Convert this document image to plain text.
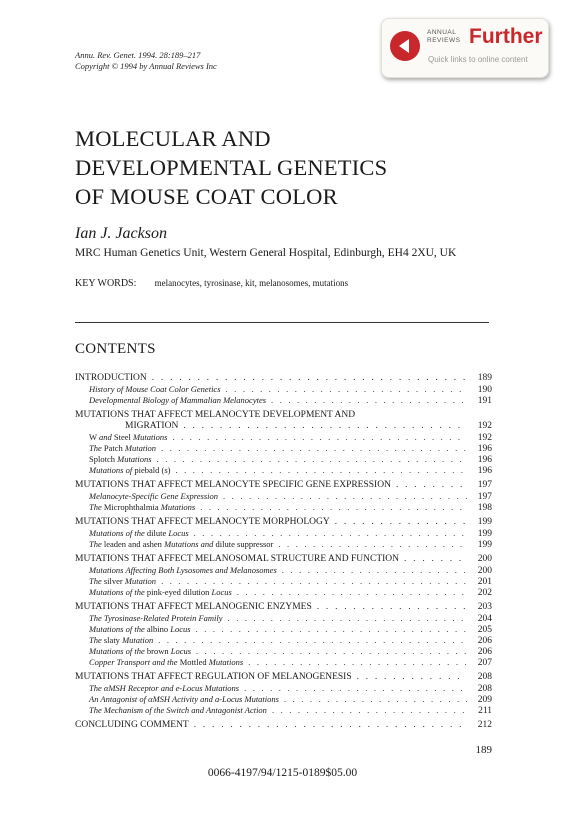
Annu. Rev. Genet. 1994. 28:189–217
Copyright © 1994 by Annual Reviews Inc
ANNUAL
REVIEWS Further
Quick links to online content
MOLECULAR AND
DEVELOPMENTAL GENETICS
OF MOUSE COAT COLOR
Ian J. Jackson
MRC Human Genetics Unit, Western General Hospital, Edinburgh, EH4 2XU, UK
KEY WORDS: melanocytes, tyrosinase, kit, melanosomes, mutations
CONTENTS
INTRODUCTION . . .	189
History of Mouse Coat Color Genetics . . .	190
Developmental Biology of Mammalian Melanocytes . . .	191
MUTATIONS THAT AFFECT MELANOCYTE DEVELOPMENT AND
MIGRATION . . .	192
W and Steel Mutations . . .	192
The Patch Mutation . . .	196
Splotch Mutations . . .	196
Mutations of piebald (s) . . .	196
MUTATIONS THAT AFFECT MELANOCYTE SPECIFIC GENE EXPRESSION . . .	197
Melanocyte-Specific Gene Expression . . .	197
The Microphthalmia Mutations . . .	198
MUTATIONS THAT AFFECT MELANOCYTE MORPHOLOGY . . .	199
Mutations of the dilute Locus . . .	199
The leaden and ashen Mutations and dilute suppressor . . .	199
MUTATIONS THAT AFFECT MELANOSOMAL STRUCTURE AND FUNCTION . . .	200
Mutations Affecting Both Lysosomes and Melanosomes . . .	200
The silver Mutation . . .	201
Mutations of the pink-eyed dilution Locus . . .	202
MUTATIONS THAT AFFECT MELANOGENIC ENZYMES . . .	203
The Tyrosinase-Related Protein Family . . .	204
Mutations of the albino Locus . . .	205
The slaty Mutation . . .	206
Mutations of the brown Locus . . .	206
Copper Transport and the Mottled Mutations . . .	207
MUTATIONS THAT AFFECT REGULATION OF MELANOGENESIS . . .	208
The αMSH Receptor and e-Locus Mutations . . .	208
An Antagonist of αMSH Activity and a-Locus Mutations . . .	209
The Mechanism of the Switch and Antagonist Action . . .	211
CONCLUDING COMMENT . . .	212
189
0066-4197/94/1215-0189$05.00
